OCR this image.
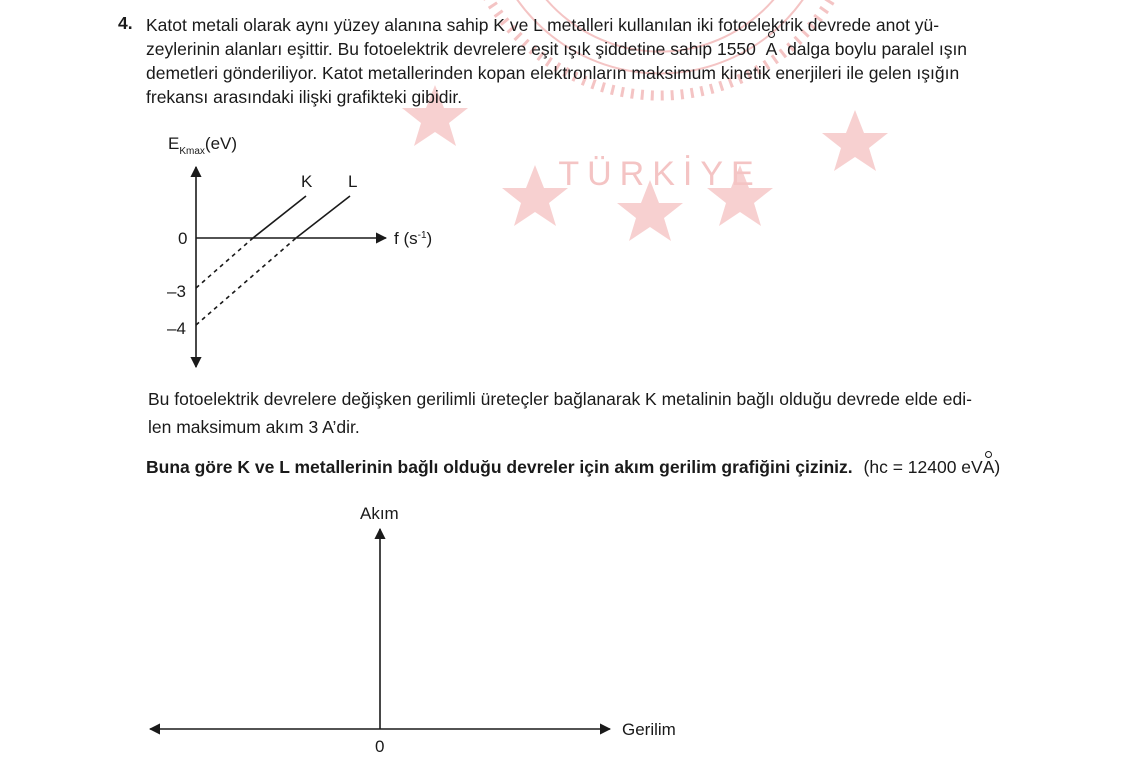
TÜRKİYE
4. Katot metali olarak aynı yüzey alanına sahip K ve L metalleri kullanılan iki fotoelektrik devrede anot yü-
zeylerinin alanları eşittir. Bu fotoelektrik devrelere eşit ışık şiddetine sahip 1550 A dalga boylu paralel ışın
demetleri gönderiliyor. Katot metallerinden kopan elektronların maksimum kinetik enerjileri ile gelen ışığın
frekansı arasındaki ilişki grafikteki gibidir.
$E_{Kmax}(eV)$
f $(s^{-1})$
0
–3
–4
K L
Bu fotoelektrik devrelere değişken gerilimli üreteçler bağlanarak K metalinin bağlı olduğu devrede elde edi-
len maksimum akım 3 A’dir.
Buna göre K ve L metallerinin bağlı olduğu devreler için akım gerilim grafiğini çiziniz. (hc = 12400 eVA)
Akım
Gerilim
0
